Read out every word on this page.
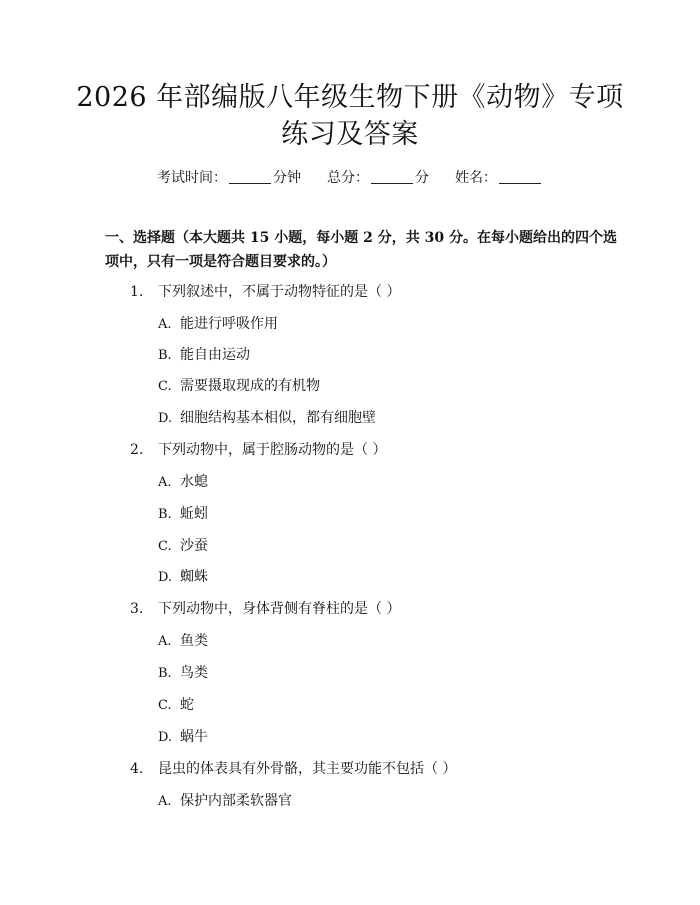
2026 年部编版八年级生物下册《动物》专项
练习及答案
考试时间：	分钟 总分：	分 姓名：
一、选择题（本大题共 15 小题，每小题 2 分，共 30 分。在每小题给出的四个选
项中，只有一项是符合题目要求的。）
1. 下列叙述中，不属于动物特征的是（ ）
A. 能进行呼吸作用
B. 能自由运动
C. 需要摄取现成的有机物
D. 细胞结构基本相似，都有细胞壁
2. 下列动物中，属于腔肠动物的是（ ）
A. 水螅
B. 蚯蚓
C. 沙蚕
D. 蜘蛛
3. 下列动物中，身体背侧有脊柱的是（ ）
A. 鱼类
B. 鸟类
C. 蛇
D. 蜗牛
4. 昆虫的体表具有外骨骼，其主要功能不包括（ ）
A. 保护内部柔软器官
